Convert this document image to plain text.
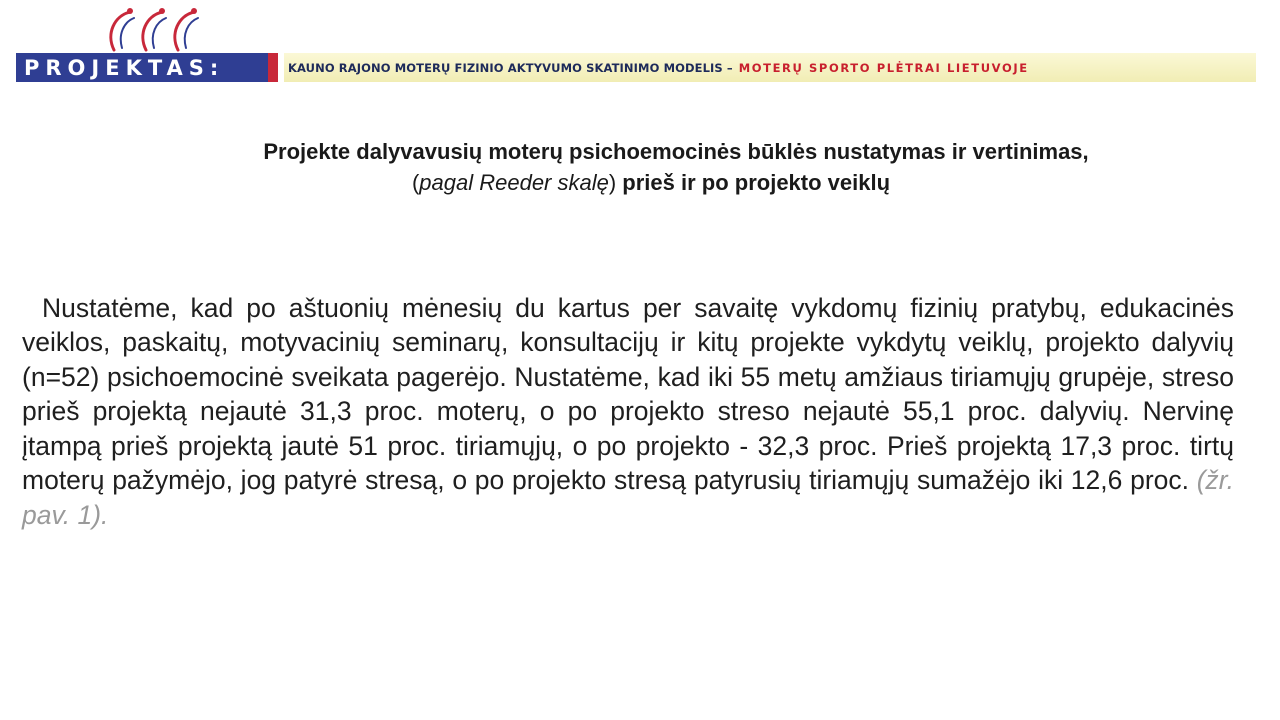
PROJEKTAS:	KAUNO RAJONO MOTERŲ FIZINIO AKTYVUMO SKATINIMO MODELIS – MOTERŲ SPORTO PLĖTRAI LIETUVOJE
Projekte dalyvavusių moterų psichoemocinės būklės nustatymas ir vertinimas,
(pagal Reeder skalę) prieš ir po projekto veiklų

Nustatėme, kad po aštuonių mėnesių du kartus per savaitę vykdomų fizinių pratybų, edukacinės veiklos, paskaitų, motyvacinių seminarų, konsultacijų ir kitų projekte vykdytų veiklų, projekto dalyvių (n=52) psichoemocinė sveikata pagerėjo. Nustatėme, kad iki 55 metų amžiaus tiriamųjų grupėje, streso prieš projektą nejautė 31,3 proc. moterų, o po projekto streso nejautė 55,1 proc. dalyvių. Nervinę įtampą prieš projektą jautė 51 proc. tiriamųjų, o po projekto - 32,3 proc. Prieš projektą 17,3 proc. tirtų moterų pažymėjo, jog patyrė stresą, o po projekto stresą patyrusių tiriamųjų sumažėjo iki 12,6 proc. (žr. pav. 1).
